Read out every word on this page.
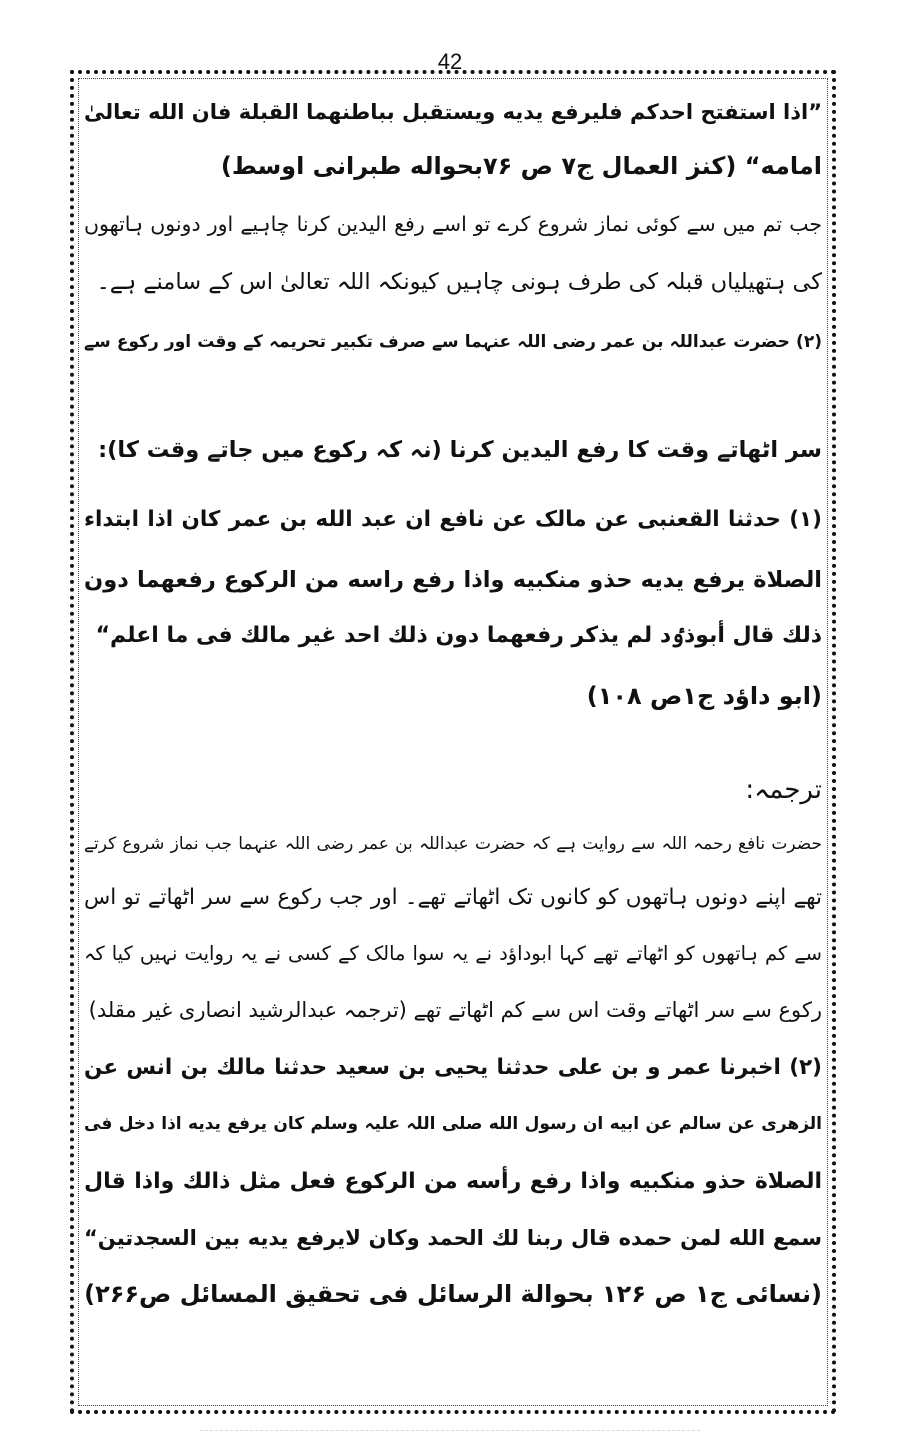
42
”اذا استفتح احدکم فلیرفع یدیه ویستقبل بباطنهما القبلة فان الله تعالیٰ
امامه“ (کنز العمال ج۷ ص ۷۶بحواله طبرانی اوسط)
جب تم میں سے کوئی نماز شروع کرے تو اسے رفع الیدین کرنا چاہیے اور دونوں ہاتھوں
کی ہتھیلیاں قبلہ کی طرف ہونی چاہیں کیونکہ اللہ تعالیٰ اس کے سامنے ہے۔
(۲) حضرت عبداللہ بن عمر رضی اللہ عنہما سے صرف تکبیر تحریمہ کے وقت اور رکوع سے
سر اٹھاتے وقت کا رفع الیدین کرنا (نہ کہ رکوع میں جاتے وقت کا):
(۱) حدثنا القعنبی عن مالک عن نافع ان عبد الله بن عمر کان اذا ابتداء
الصلاة یرفع یدیه حذو منکبیه واذا رفع راسه من الرکوع رفعهما دون
ذلك قال أبوذٶد لم یذکر رفعهما دون ذلك احد غیر مالك فی ما اعلم“
(ابو داؤد ج۱ص ۱۰۸)
ترجمہ:
حضرت نافع رحمہ اللہ سے روایت ہے کہ حضرت عبداللہ بن عمر رضی اللہ عنہما جب نماز شروع کرتے
تھے اپنے دونوں ہاتھوں کو کانوں تک اٹھاتے تھے۔ اور جب رکوع سے سر اٹھاتے تو اس
سے کم ہاتھوں کو اٹھاتے تھے کہا ابوداؤد نے یہ سوا مالک کے کسی نے یہ روایت نہیں کیا کہ
رکوع سے سر اٹھاتے وقت اس سے کم اٹھاتے تھے (ترجمہ عبدالرشید انصاری غیر مقلد)
(۲) اخبرنا عمر و بن علی حدثنا یحیی بن سعید حدثنا مالك بن انس عن
الزهری عن سالم عن ابیه ان رسول الله صلی اللہ علیہ وسلم کان یرفع یدیه اذا دخل فی
الصلاة حذو منکبیه واذا رفع رأسه من الرکوع فعل مثل ذالك واذا قال
سمع الله لمن حمده قال ربنا لك الحمد وکان لایرفع یدیه بین السجدتین“
(نسائی ج۱ ص ۱۲۶ بحوالة الرسائل فی تحقیق المسائل ص۲۶۶)
